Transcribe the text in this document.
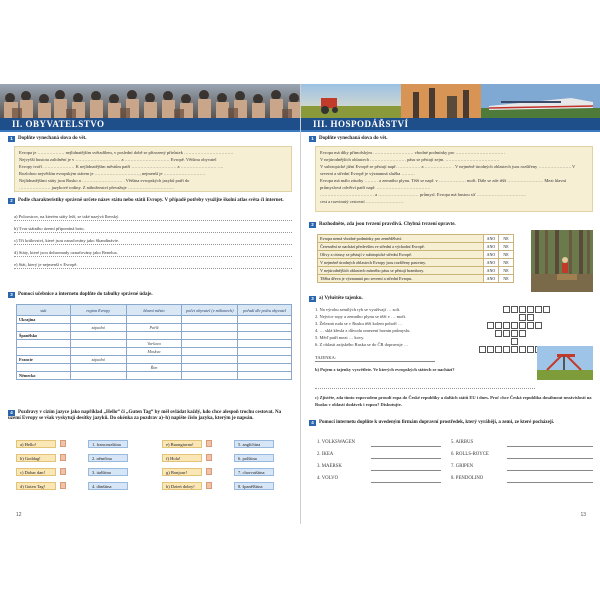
II. OBYVATELSTVO
1 Doplňte vynechaná slova do vět.
Evropa je ……………… nejlidnatějším světadílem, v poslední době se přirozený přírůstek ……………………………
Nejvyšší hustota zalidnění je v ………………………… a ………………………… Evropě. Většinu obyvatel
Evropy tvoří ………………… K nejlidnatějším městům patří ………………………… a …………………… ….
Rozlohou největším evropským státem je …………………………, nejmenší je ……………………….
Nejlidnatějšími státy jsou Rusko a ……………………… . Většina evropských jazyků patří do
………………… jazykové rodiny. Z náboženství převažuje ………………………….
2 Podle charakteristiky správně určete název státu nebo států Evropy. V případě potřeby využijte školní atlas světa či internet.
a) Poloostrov, na kterém státy leží, se také nazývá Iberský.
b) Tvar státního území připomíná botu.
c) Tři království, které jsou označovány jako Skandinávie.
d) Státy, které jsou dohromady označovány jako Benelux.
e) Stát, který je nejmenší v Evropě.
3 Pomocí učebnice a internetu doplňte do tabulky správné údaje.
stát	region Evropy	hlavní město	počet obyvatel (v milionech)	pořadí dle počtu obyvatel
Ukrajina				
	západní	Paříž		
Španělsko				
		Varšava		
		Moskva		
Francie	západní			
		Řím		
Německo				
4 Pozdravy v cizím jazyce jako například „Hello“ či „Guten Tag“ by měl ovládat každý, kdo chce alespoň trochu cestovat. Na území Evropy se však vyskytují desítky jazyků. Do okénka za pozdrav a)–h) napište číslo jazyka, kterým je napsán.
a) Hello!	1. francouzština	e) Buongiorno!	5. angličtina
b) Goddag!	2. němčina	f) Hola!	6. polština
c) Dobar dan!	3. italština	g) Bonjour!	7. chorvatština
d) Guten Tag!	4. dánština	h) Dzień dobry!	8. španělština
12
III. HOSPODÁŘSTVÍ
1 Doplňte vynechaná slova do vět.
Evropa má díky přímořským ……………………… vhodné podmínky pro ……………………………
V nejúrodnějších oblastech …………………… pásu se pěstují zejm. ………………………………
V subtropické jižní Evropě se pěstují např. …………… a ……………… . V nejméně úrodných oblastech jsou rozšířeny …………………. V severní a střední Evropě je významná služba ………
Evropa má málo zásoby ……… a zemního plynu. Těží se např. v ……………… moři. Dále se zde těží …………………… Mezi hlavní průmyslová odvětví patří např. ………………………………
……………………………… a ……………………… průmysl. Evropa má hustou síť ……………………………
cest a rozvinutý cestovní …………………….
2 Rozhodněte, zda jsou tvrzení pravdivá. Chybná tvrzení opravte.
Evropa nemá vhodné podmínky pro zemědělství.	ANO	NE
Čeresnění se nachází především ve střední a východní Evropě.	ANO	NE
Olivy a citrusy se pěstují v subtropické střední Evropě.	ANO	NE
V nejméně úrodných oblastech Evropy jsou rozšířeny pastviny.	ANO	NE
V nejúrodnějších oblastech mírného pásu se pěstují brambory.	ANO	NE
Těžba dřeva je významná pro severní a střední Evropu.	ANO	NE
3 a) Vyluštěte tajenku.
1. Na výrobu semílých ryb se využívají … soli.
2. Nejvíce ropy a zemního plynu se těží v … moři.
3. Železná ruda se v Rusku těží kolem pohoří …
4. … sklá křesla z důvodu omezení hornin průmyslu.
5. Měď patří mezi … kovy.
6. Z oblasti azijského Ruska se do ČR dopravuje …
TAJENKA:
b) Pojem z tajenky vysvětlete. Ve kterých evropských státech se nachází?
c) Zjistěte, zda tímto ropovodem proudí ropa do České republiky a dalších států EU i dnes. Proč chce Česká republika dosáhnout nezávislosti na Rusku v oblasti dodávek i ropou? Diskutujte.
4 Pomocí internetu doplňte k uvedeným firmám dopravní prostředek, který vyrábějí, a zemi, ze které pocházejí.
1. VOLKSWAGEN	5. AIRBUS
2. IKEA	6. ROLLS-ROYCE
3. MAERSK	7. GRIPEN
4. VOLVO	8. PENDOLINO
13
